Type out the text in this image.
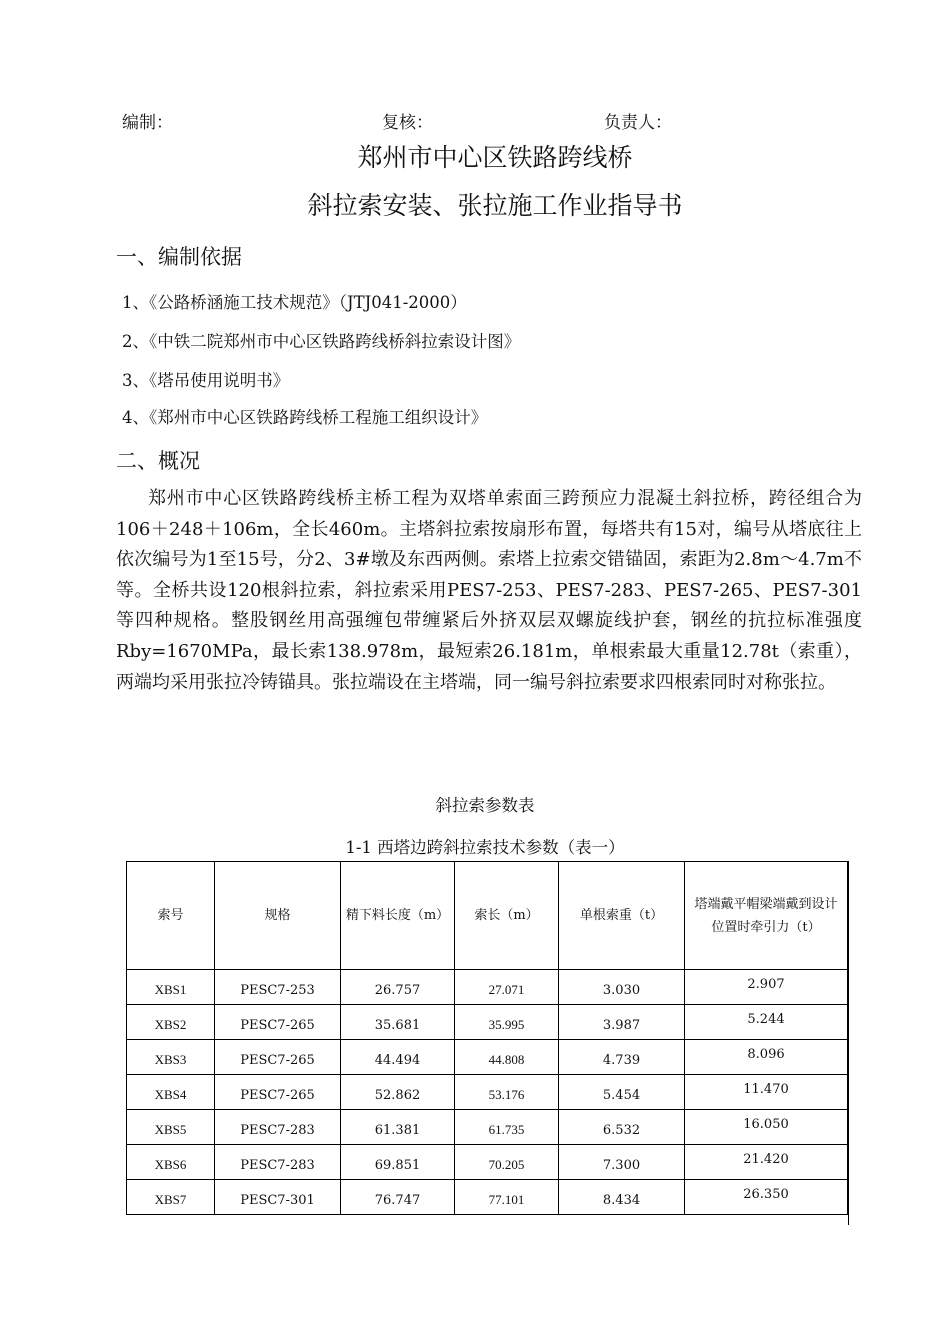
编制：	复核：	负责人：
郑州市中心区铁路跨线桥
斜拉索安装、张拉施工作业指导书
一、编制依据
1、《公路桥涵施工技术规范》（JTJ041-2000）
2、《中铁二院郑州市中心区铁路跨线桥斜拉索设计图》
3、《塔吊使用说明书》
4、《郑州市中心区铁路跨线桥工程施工组织设计》
二、概况

郑州市中心区铁路跨线桥主桥工程为双塔单索面三跨预应力混凝土斜拉桥，跨径组合为106＋248＋106m，全长460m。主塔斜拉索按扇形布置，每塔共有15对，编号从塔底往上依次编号为1至15号，分2、3#墩及东西两侧。索塔上拉索交错锚固，索距为2.8m～4.7m不等。全桥共设120根斜拉索，斜拉索采用PES7-253、PES7-283、PES7-265、PES7-301等四种规格。整股钢丝用高强缠包带缠紧后外挤双层双螺旋线护套，钢丝的抗拉标准强度Rby=1670MPa，最长索138.978m，最短索26.181m，单根索最大重量12.78t（索重），两端均采用张拉冷铸锚具。张拉端设在主塔端，同一编号斜拉索要求四根索同时对称张拉。

斜拉索参数表
1-1 西塔边跨斜拉索技术参数（表一）
索号	规格	精下料长度（m）	索长（m）	单根索重（t）	塔端戴平帽梁端戴到设计位置时牵引力（t）
XBS1	PESC7-253	26.757	27.071	3.030	2.907
XBS2	PESC7-265	35.681	35.995	3.987	5.244
XBS3	PESC7-265	44.494	44.808	4.739	8.096
XBS4	PESC7-265	52.862	53.176	5.454	11.470
XBS5	PESC7-283	61.381	61.735	6.532	16.050
XBS6	PESC7-283	69.851	70.205	7.300	21.420
XBS7	PESC7-301	76.747	77.101	8.434	26.350
